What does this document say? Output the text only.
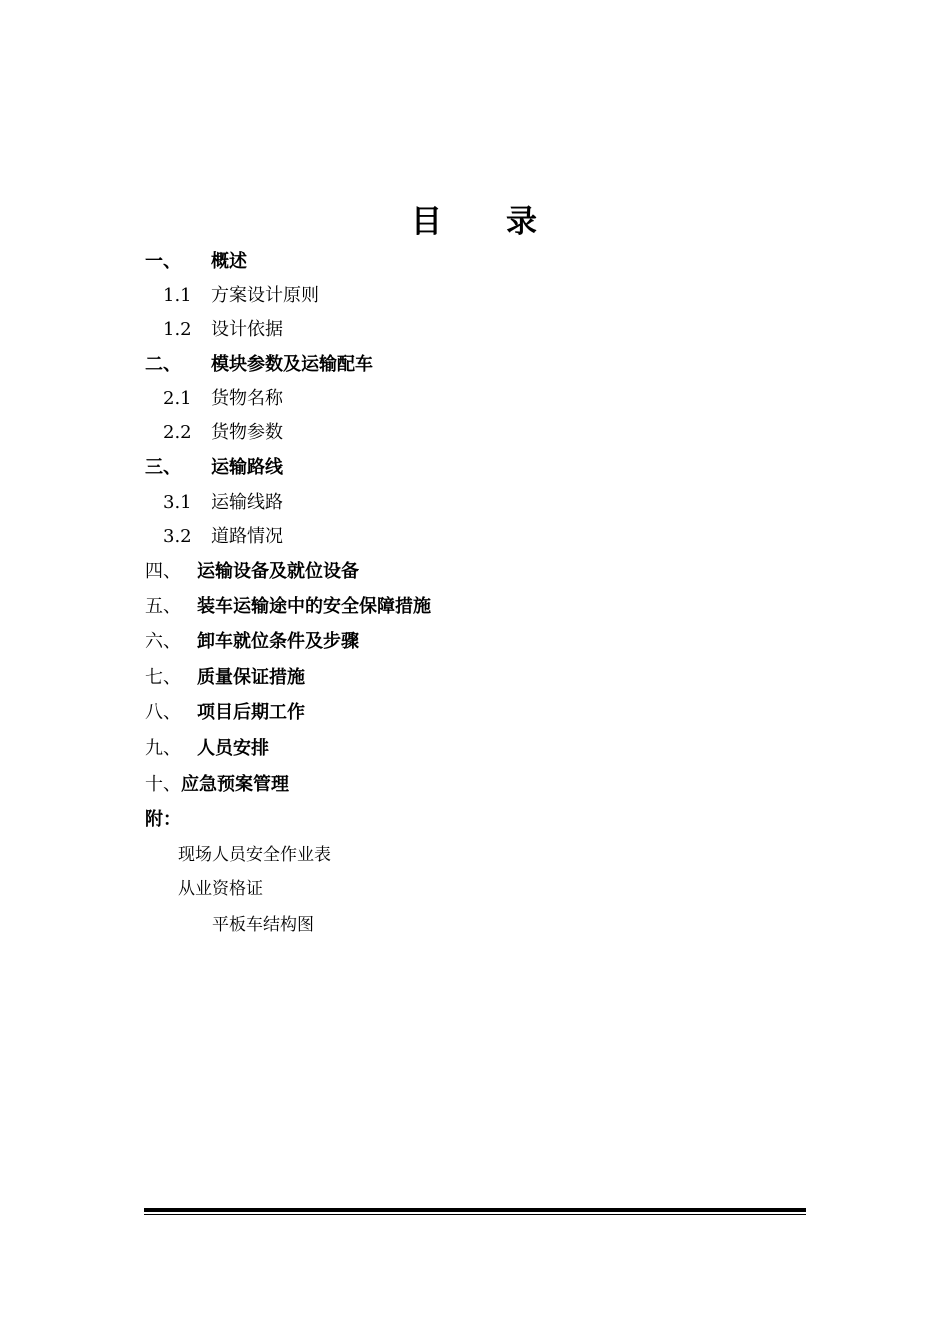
目 录
一、 概述
1.1 方案设计原则
1.2 设计依据
二、 模块参数及运输配车
2.1 货物名称
2.2 货物参数
三、 运输路线
3.1 运输线路
3.2 道路情况
四、 运输设备及就位设备
五、 装车运输途中的安全保障措施
六、 卸车就位条件及步骤
七、 质量保证措施
八、 项目后期工作
九、 人员安排
十、应急预案管理
附：
现场人员安全作业表
从业资格证
平板车结构图
